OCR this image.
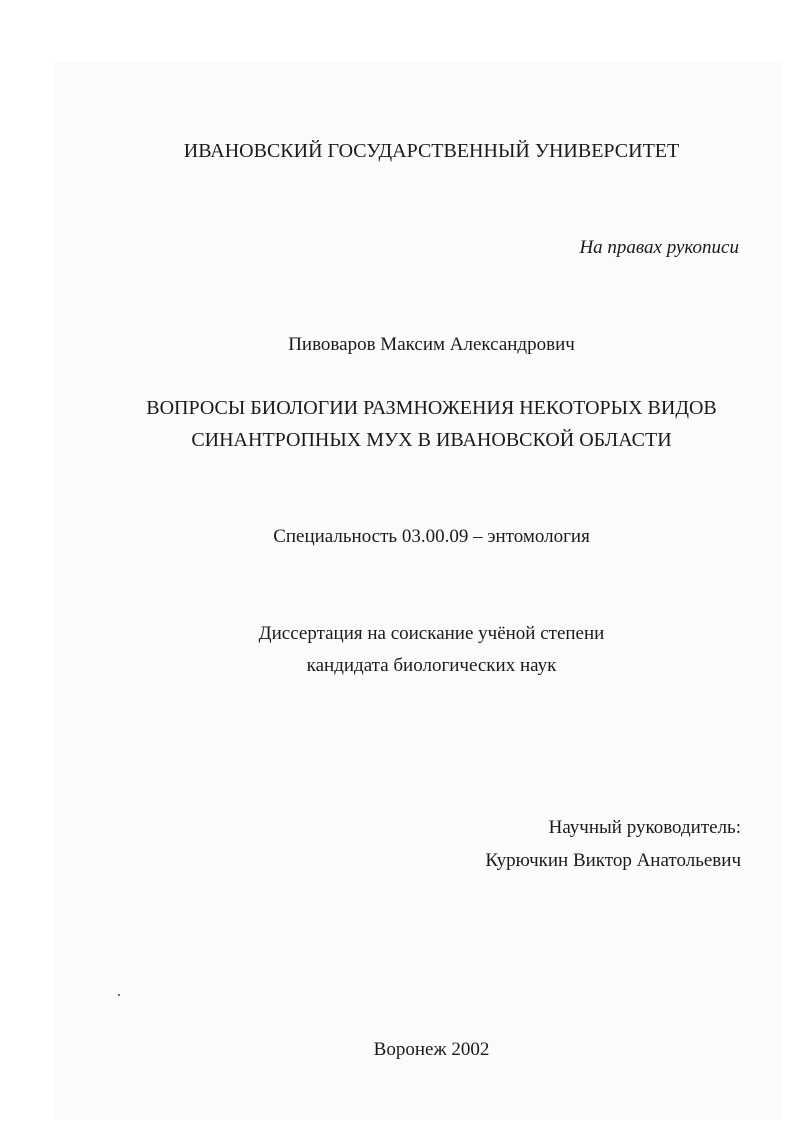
ИВАНОВСКИЙ ГОСУДАРСТВЕННЫЙ УНИВЕРСИТЕТ
На правах рукописи
Пивоваров Максим Александрович
ВОПРОСЫ БИОЛОГИИ РАЗМНОЖЕНИЯ НЕКОТОРЫХ ВИДОВ
СИНАНТРОПНЫХ МУХ В ИВАНОВСКОЙ ОБЛАСТИ
Специальность 03.00.09 – энтомология
Диссертация на соискание учёной степени
кандидата биологических наук
Научный руководитель:
Курючкин Виктор Анатольевич
Воронеж 2002
